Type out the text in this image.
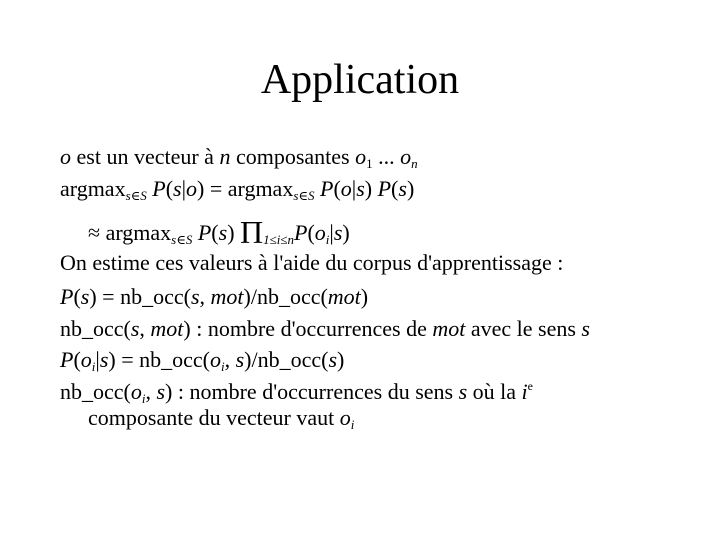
Application
o est un vecteur à n composantes $o_1$ ... $o_n$
argmax$_{s\in S}$ P(s|o) = argmax$_{s\in S}$ P(o|s) P(s)
≈ argmax$_{s\in S}$ P(s) $\Pi_{1\le i\le n}P(o_i|s)$
On estime ces valeurs à l'aide du corpus d'apprentissage :
P(s) = nb_occ(s, mot)/nb_occ(mot)
nb_occ(s, mot) : nombre d'occurrences de mot avec le sens s
$P(o_i|s)$ = $nb\_occ(o_i$, s)/nb_occ(s)
$nb\_occ(o_i$, s) : nombre d'occurrences du sens s où la $i^e$
composante du vecteur vaut $o_i$
